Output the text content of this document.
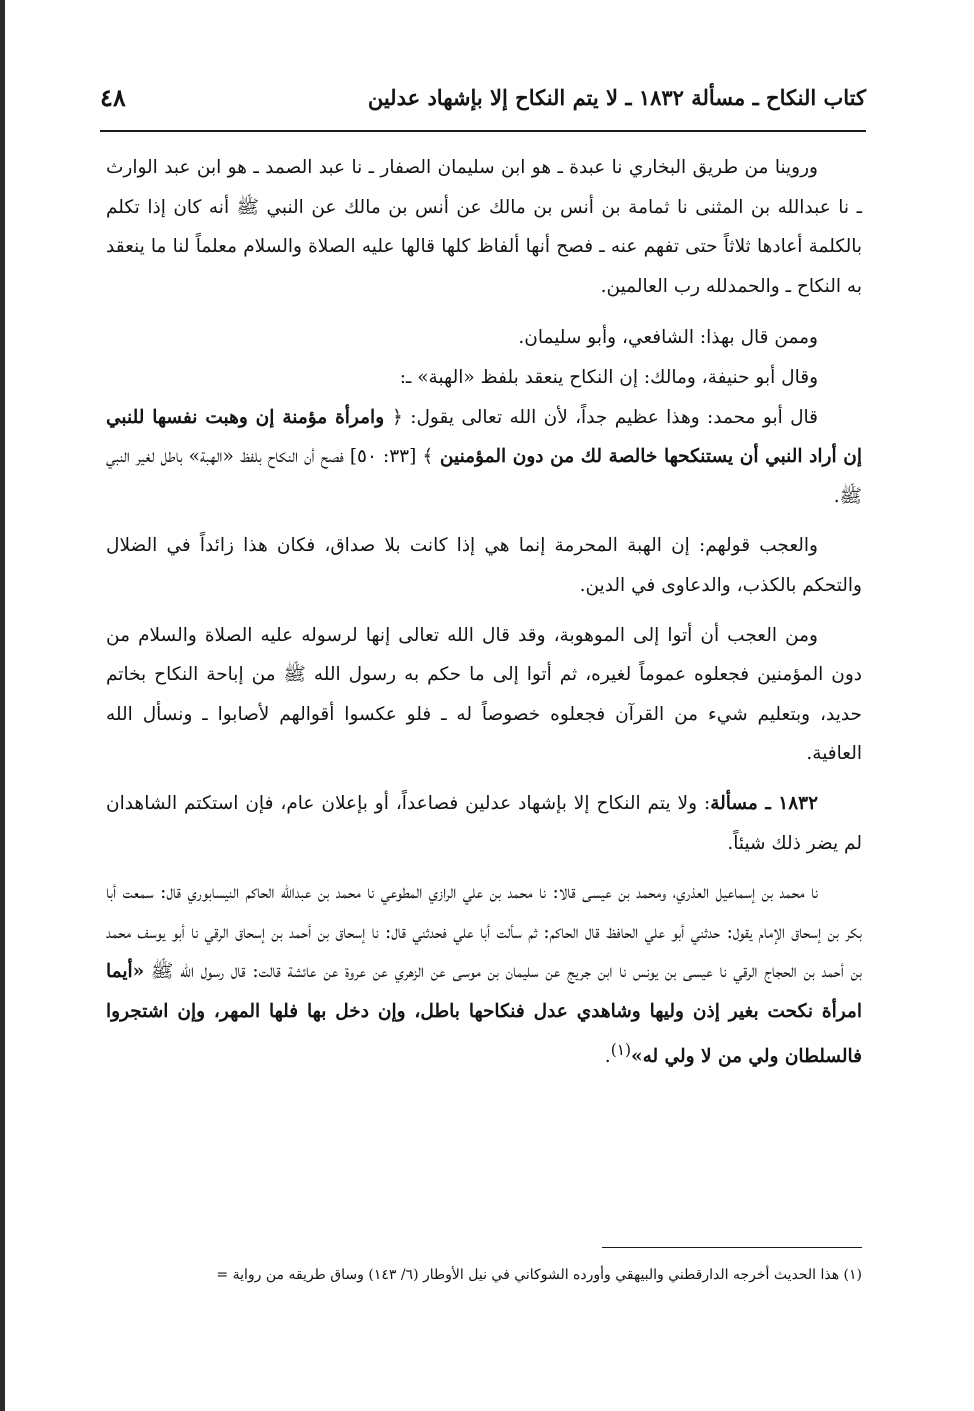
كتاب النكاح ـ مسألة ١٨٣٢ ـ لا يتم النكاح إلا بإشهاد عدلين
٤٨

وروينا من طريق البخاري نا عبدة ـ هو ابن سليمان الصفار ـ نا عبد الصمد ـ هو ابن عبد الوارث ـ نا عبدالله بن المثنى نا ثمامة بن أنس بن مالك عن أنس بن مالك عن النبي ﷺ أنه كان إذا تكلم بالكلمة أعادها ثلاثاً حتى تفهم عنه ـ فصح أنها ألفاظ كلها قالها عليه الصلاة والسلام معلماً لنا ما ينعقد به النكاح ـ والحمدلله رب العالمين.

وممن قال بهذا: الشافعي، وأبو سليمان.

وقال أبو حنيفة، ومالك: إن النكاح ينعقد بلفظ «الهبة» ـ:

قال أبو محمد: وهذا عظيم جداً، لأن الله تعالى يقول: ﴿ وامرأة مؤمنة إن وهبت نفسها للنبي إن أراد النبي أن يستنكحها خالصة لك من دون المؤمنين ﴾ [٣٣: ٥٠] فصح أن النكاح بلفظ «الهبة» باطل لغير النبي ﷺ.

والعجب قولهم: إن الهبة المحرمة إنما هي إذا كانت بلا صداق، فكان هذا زائداً في الضلال والتحكم بالكذب، والدعاوى في الدين.

ومن العجب أن أتوا إلى الموهوبة، وقد قال الله تعالى إنها لرسوله عليه الصلاة والسلام من دون المؤمنين فجعلوه عموماً لغيره، ثم أتوا إلى ما حكم به رسول الله ﷺ من إباحة النكاح بخاتم حديد، وبتعليم شيء من القرآن فجعلوه خصوصاً له ـ فلو عكسوا أقوالهم لأصابوا ـ ونسأل الله العافية.

١٨٣٢ ـ مسألة: ولا يتم النكاح إلا بإشهاد عدلين فصاعداً، أو بإعلان عام، فإن استكتم الشاهدان لم يضر ذلك شيئاً.

نا محمد بن إسماعيل العذري، ومحمد بن عيسى قالا: نا محمد بن علي الرازي المطوعي نا محمد بن عبدالله الحاكم النيسابوري قال: سمعت أبا بكر بن إسحاق الإمام يقول: حدثني أبو علي الحافظ قال الحاكم: ثم سألت أبا علي فحدثني قال: نا إسحاق بن أحمد بن إسحاق الرقي نا أبو يوسف محمد بن أحمد بن الحجاج الرقي نا عيسى بن يونس نا ابن جريج عن سليمان بن موسى عن الزهري عن عروة عن عائشة قالت: قال رسول الله ﷺ «أيما امرأة نكحت بغير إذن وليها وشاهدي عدل فنكاحها باطل، وإن دخل بها فلها المهر، وإن اشتجروا فالسلطان ولي من لا ولي له»$^{(١)}$.

(١) هذا الحديث أخرجه الدارقطني والبيهقي وأورده الشوكاني في نيل الأوطار (٦/ ١٤٣) وساق طريقه من رواية =
